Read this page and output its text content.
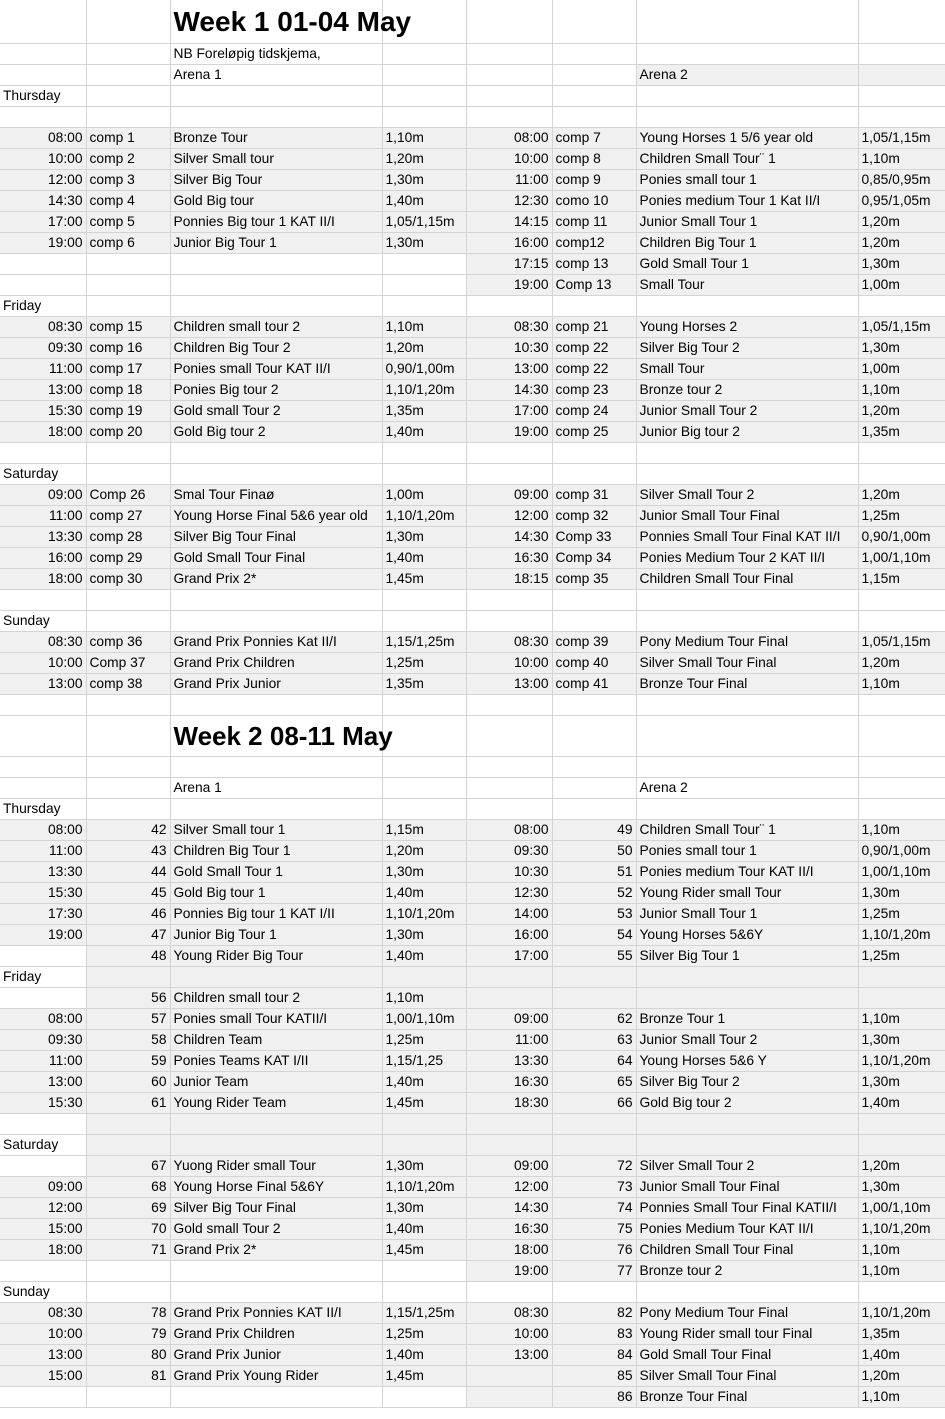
		Week 1 01-04 May					
		NB Foreløpig tidskjema,					
		Arena 1				Arena 2	
Thursday							

08:00	comp 1	Bronze Tour	1,10m	08:00	comp 7	Young Horses 1 5/6 year old	1,05/1,15m
10:00	comp 2	Silver Small tour	1,20m	10:00	comp 8	Children Small Tour¨ 1	1,10m
12:00	comp 3	Silver Big Tour	1,30m	11:00	comp 9	Ponies small tour 1	0,85/0,95m
14:30	comp 4	Gold Big tour	1,40m	12:30	como 10	Ponies medium Tour 1 Kat II/I	0,95/1,05m
17:00	comp 5	Ponnies Big tour 1 KAT II/I	1,05/1,15m	14:15	comp 11	Junior Small Tour 1	1,20m
19:00	comp 6	Junior Big Tour 1	1,30m	16:00	comp12	Children Big Tour 1	1,20m
				17:15	comp 13	Gold Small Tour 1	1,30m
				19:00	Comp 13	Small Tour	1,00m
Friday							
08:30	comp 15	Children small tour 2	1,10m	08:30	comp 21	Young Horses 2	1,05/1,15m
09:30	comp 16	Children Big Tour 2	1,20m	10:30	comp 22	Silver Big Tour 2	1,30m
11:00	comp 17	Ponies small Tour KAT II/I	0,90/1,00m	13:00	comp 22	Small Tour	1,00m
13:00	comp 18	Ponies Big tour 2	1,10/1,20m	14:30	comp 23	Bronze tour 2	1,10m
15:30	comp 19	Gold small Tour 2	1,35m	17:00	comp 24	Junior Small Tour 2	1,20m
18:00	comp 20	Gold Big tour 2	1,40m	19:00	comp 25	Junior Big tour 2	1,35m

Saturday							
09:00	Comp 26	Smal Tour Finaø	1,00m	09:00	comp 31	Silver Small Tour 2	1,20m
11:00	comp 27	Young Horse Final 5&6 year old	1,10/1,20m	12:00	comp 32	Junior Small Tour Final	1,25m
13:30	comp 28	Silver Big Tour Final	1,30m	14:30	Comp 33	Ponnies Small Tour Final KAT II/I	0,90/1,00m
16:00	comp 29	Gold Small Tour Final	1,40m	16:30	Comp 34	Ponies Medium Tour 2 KAT II/I	1,00/1,10m
18:00	comp 30	Grand Prix 2*	1,45m	18:15	comp 35	Children Small Tour Final	1,15m

Sunday							
08:30	comp 36	Grand Prix Ponnies Kat II/I	1,15/1,25m	08:30	comp 39	Pony Medium Tour Final	1,05/1,15m
10:00	Comp 37	Grand Prix Children	1,25m	10:00	comp 40	Silver Small Tour Final	1,20m
13:00	comp 38	Grand Prix Junior	1,35m	13:00	comp 41	Bronze Tour Final	1,10m

		Week 2 08-11 May					

		Arena 1				Arena 2	
Thursday							
08:00	42	Silver Small tour 1	1,15m	08:00	49	Children Small Tour¨ 1	1,10m
11:00	43	Children Big Tour 1	1,20m	09:30	50	Ponies small tour 1	0,90/1,00m
13:30	44	Gold Small Tour 1	1,30m	10:30	51	Ponies medium Tour KAT II/I	1,00/1,10m
15:30	45	Gold Big tour 1	1,40m	12:30	52	Young Rider small Tour	1,30m
17:30	46	Ponnies Big tour 1 KAT I/II	1,10/1,20m	14:00	53	Junior Small Tour 1	1,25m
19:00	47	Junior Big Tour 1	1,30m	16:00	54	Young Horses 5&6Y	1,10/1,20m
	48	Young Rider Big Tour	1,40m	17:00	55	Silver Big Tour 1	1,25m
Friday							
	56	Children small tour 2	1,10m				
08:00	57	Ponies small Tour KATII/I	1,00/1,10m	09:00	62	Bronze Tour 1	1,10m
09:30	58	Children Team	1,25m	11:00	63	Junior Small Tour 2	1,30m
11:00	59	Ponies Teams KAT I/II	1,15/1,25	13:30	64	Young Horses 5&6 Y	1,10/1,20m
13:00	60	Junior Team	1,40m	16:30	65	Silver Big Tour 2	1,30m
15:30	61	Young Rider Team	1,45m	18:30	66	Gold Big tour 2	1,40m

Saturday							
	67	Yuong Rider small Tour	1,30m	09:00	72	Silver Small Tour 2	1,20m
09:00	68	Young Horse Final 5&6Y	1,10/1,20m	12:00	73	Junior Small Tour Final	1,30m
12:00	69	Silver Big Tour Final	1,30m	14:30	74	Ponnies Small Tour Final KATII/I	1,00/1,10m
15:00	70	Gold small Tour 2	1,40m	16:30	75	Ponies Medium Tour KAT II/I	1,10/1,20m
18:00	71	Grand Prix 2*	1,45m	18:00	76	Children Small Tour Final	1,10m
				19:00	77	Bronze tour 2	1,10m
Sunday							
08:30	78	Grand Prix Ponnies KAT II/I	1,15/1,25m	08:30	82	Pony Medium Tour Final	1,10/1,20m
10:00	79	Grand Prix Children	1,25m	10:00	83	Young Rider small tour Final	1,35m
13:00	80	Grand Prix Junior	1,40m	13:00	84	Gold Small Tour Final	1,40m
15:00	81	Grand Prix Young Rider	1,45m		85	Silver Small Tour Final	1,20m
					86	Bronze Tour Final	1,10m
